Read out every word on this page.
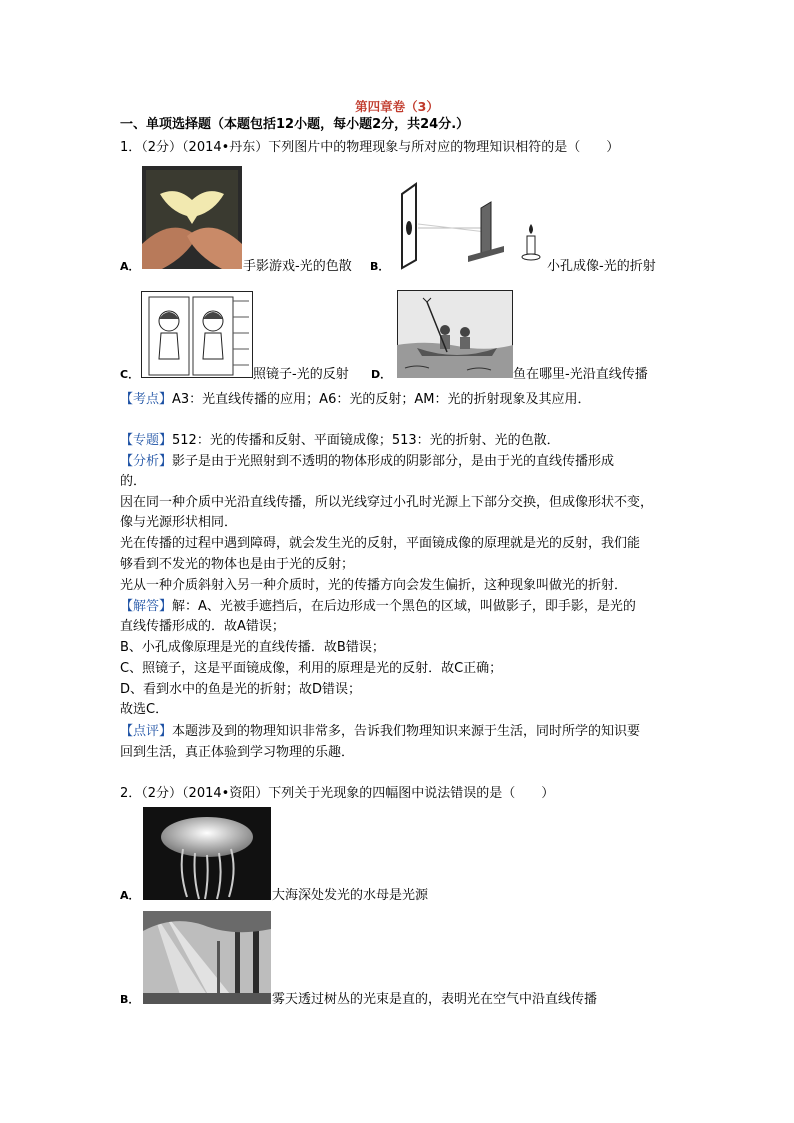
第四章卷（3）
一、单项选择题（本题包括12小题，每小题2分，共24分.）
1．（2分）（2014•丹东）下列图片中的物理现象与所对应的物理知识相符的是（　　）
A．	手影游戏-光的色散 B．	小孔成像-光的折射
C．	照镜子-光的反射 D．	鱼在哪里-光沿直线传播
【考点】A3：光直线传播的应用；A6：光的反射；AM：光的折射现象及其应用．
【专题】512：光的传播和反射、平面镜成像；513：光的折射、光的色散．
【分析】影子是由于光照射到不透明的物体形成的阴影部分，是由于光的直线传播形成
的．
因在同一种介质中光沿直线传播，所以光线穿过小孔时光源上下部分交换，但成像形状不变，
像与光源形状相同．
光在传播的过程中遇到障碍，就会发生光的反射，平面镜成像的原理就是光的反射，我们能
够看到不发光的物体也是由于光的反射；
光从一种介质斜射入另一种介质时，光的传播方向会发生偏折，这种现象叫做光的折射．
【解答】解：A、光被手遮挡后，在后边形成一个黑色的区域，叫做影子，即手影，是光的
直线传播形成的．故A错误；
B、小孔成像原理是光的直线传播．故B错误；
C、照镜子，这是平面镜成像，利用的原理是光的反射．故C正确；
D、看到水中的鱼是光的折射；故D错误；
故选C．
【点评】本题涉及到的物理知识非常多，告诉我们物理知识来源于生活，同时所学的知识要
回到生活，真正体验到学习物理的乐趣．
2．（2分）（2014•资阳）下列关于光现象的四幅图中说法错误的是（　　）
A．	大海深处发光的水母是光源
B．	雾天透过树丛的光束是直的，表明光在空气中沿直线传播
